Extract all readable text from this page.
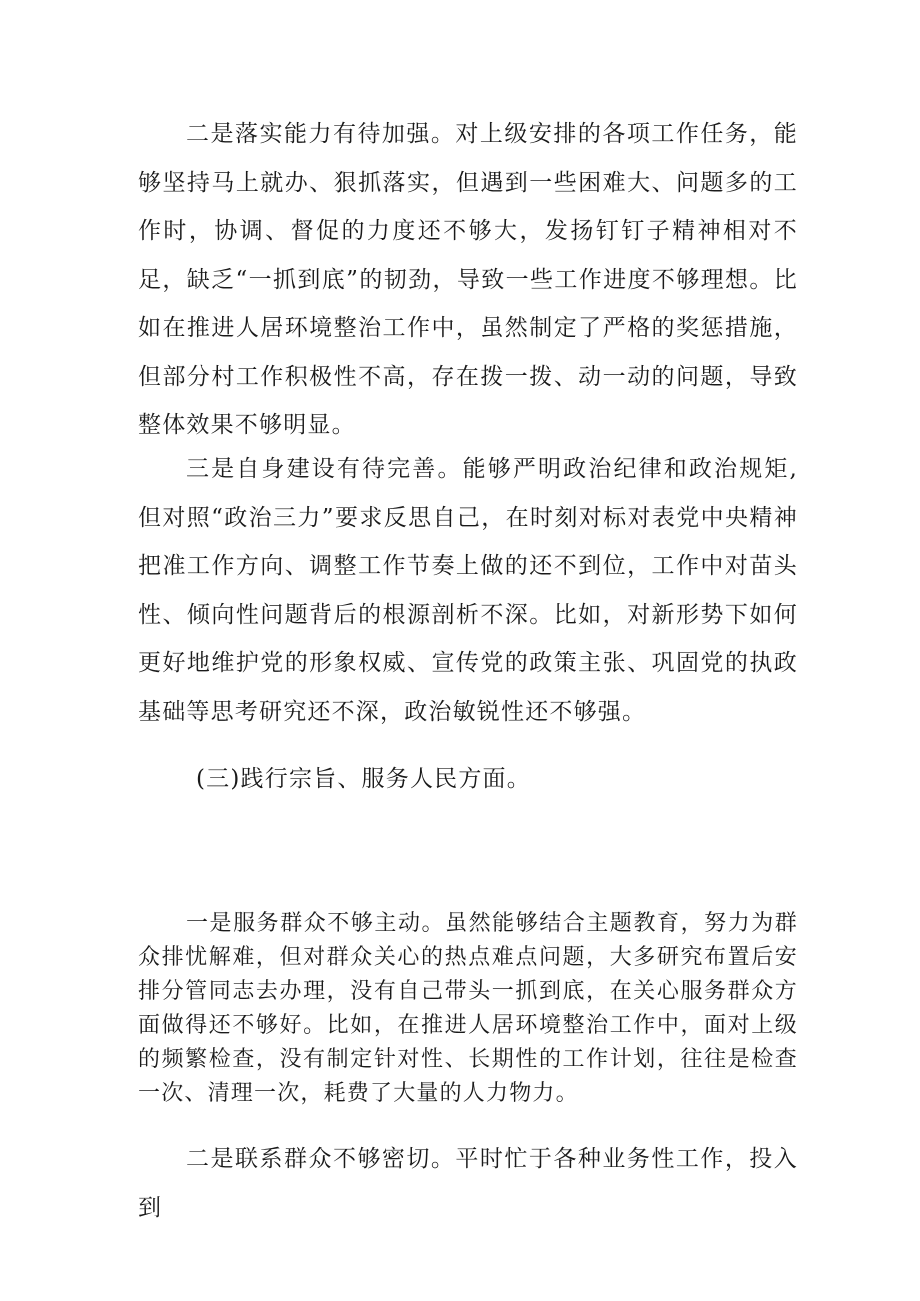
二是落实能力有待加强。对上级安排的各项工作任务，能够坚持马上就办、狠抓落实，但遇到一些困难大、问题多的工作时，协调、督促的力度还不够大，发扬钉钉子精神相对不足，缺乏“一抓到底”的韧劲，导致一些工作进度不够理想。比如在推进人居环境整治工作中，虽然制定了严格的奖惩措施，但部分村工作积极性不高，存在拨一拨、动一动的问题，导致整体效果不够明显。

三是自身建设有待完善。能够严明政治纪律和政治规矩,但对照“政治三力”要求反思自己，在时刻对标对表党中央精神把准工作方向、调整工作节奏上做的还不到位，工作中对苗头性、倾向性问题背后的根源剖析不深。比如，对新形势下如何更好地维护党的形象权威、宣传党的政策主张、巩固党的执政基础等思考研究还不深，政治敏锐性还不够强。

(三)践行宗旨、服务人民方面。

一是服务群众不够主动。虽然能够结合主题教育，努力为群众排忧解难，但对群众关心的热点难点问题，大多研究布置后安排分管同志去办理，没有自己带头一抓到底，在关心服务群众方面做得还不够好。比如，在推进人居环境整治工作中，面对上级的频繁检查，没有制定针对性、长期性的工作计划，往往是检查一次、清理一次，耗费了大量的人力物力。

二是联系群众不够密切。平时忙于各种业务性工作，投入到
